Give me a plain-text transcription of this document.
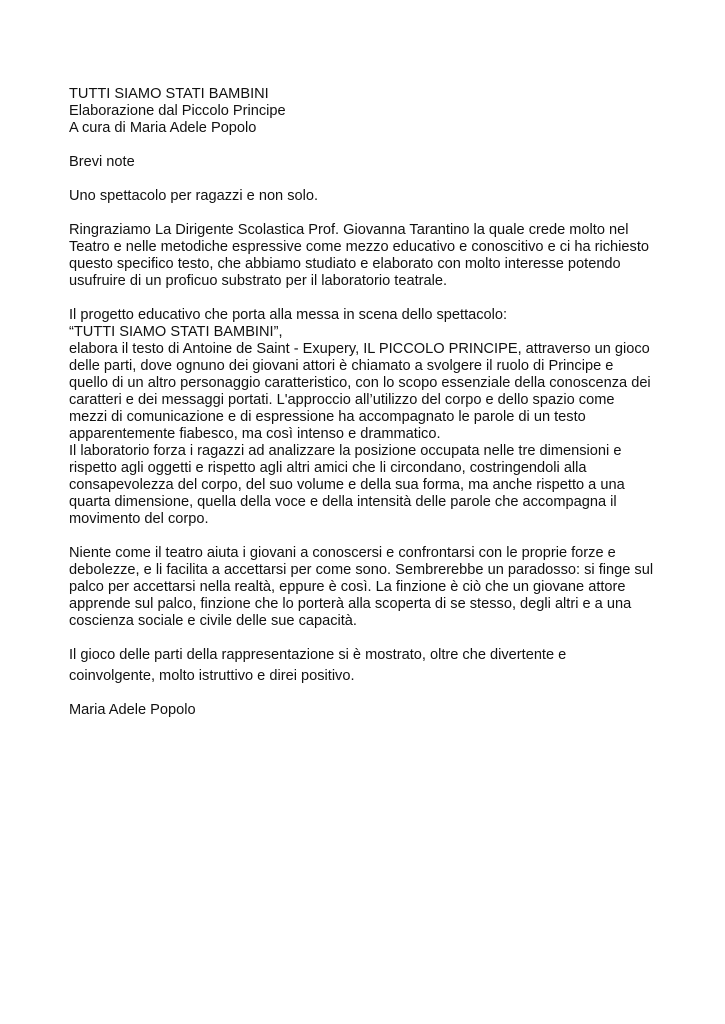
TUTTI SIAMO STATI BAMBINI
Elaborazione dal Piccolo Principe
A cura di Maria Adele Popolo
Brevi note
Uno spettacolo per ragazzi e non solo.
Ringraziamo La Dirigente Scolastica Prof. Giovanna Tarantino la quale crede molto nel
Teatro e nelle metodiche espressive come mezzo educativo e conoscitivo e ci ha richiesto
questo specifico testo, che abbiamo studiato e elaborato con molto interesse potendo
usufruire di un proficuo substrato per il laboratorio teatrale.
Il progetto educativo che porta alla messa in scena dello spettacolo:
“TUTTI SIAMO STATI BAMBINI”,
elabora il testo di Antoine de Saint - Exupery, IL PICCOLO PRINCIPE, attraverso un gioco
delle parti, dove ognuno dei giovani attori è chiamato a svolgere il ruolo di Principe e
quello di un altro personaggio caratteristico, con lo scopo essenziale della conoscenza dei
caratteri e dei messaggi portati. L'approccio all’utilizzo del corpo e dello spazio come
mezzi di comunicazione e di espressione ha accompagnato le parole di un testo
apparentemente fiabesco, ma così intenso e drammatico.
Il laboratorio forza i ragazzi ad analizzare la posizione occupata nelle tre dimensioni e
rispetto agli oggetti e rispetto agli altri amici che li circondano, costringendoli alla
consapevolezza del corpo, del suo volume e della sua forma, ma anche rispetto a una
quarta dimensione, quella della voce e della intensità delle parole che accompagna il
movimento del corpo.
Niente come il teatro aiuta i giovani a conoscersi e confrontarsi con le proprie forze e
debolezze, e li facilita a accettarsi per come sono. Sembrerebbe un paradosso: si finge sul
palco per accettarsi nella realtà, eppure è così. La finzione è ciò che un giovane attore
apprende sul palco, finzione che lo porterà alla scoperta di se stesso, degli altri e a una
coscienza sociale e civile delle sue capacità.
Il gioco delle parti della rappresentazione si è mostrato, oltre che divertente e
coinvolgente, molto istruttivo e direi positivo.
Maria Adele Popolo
